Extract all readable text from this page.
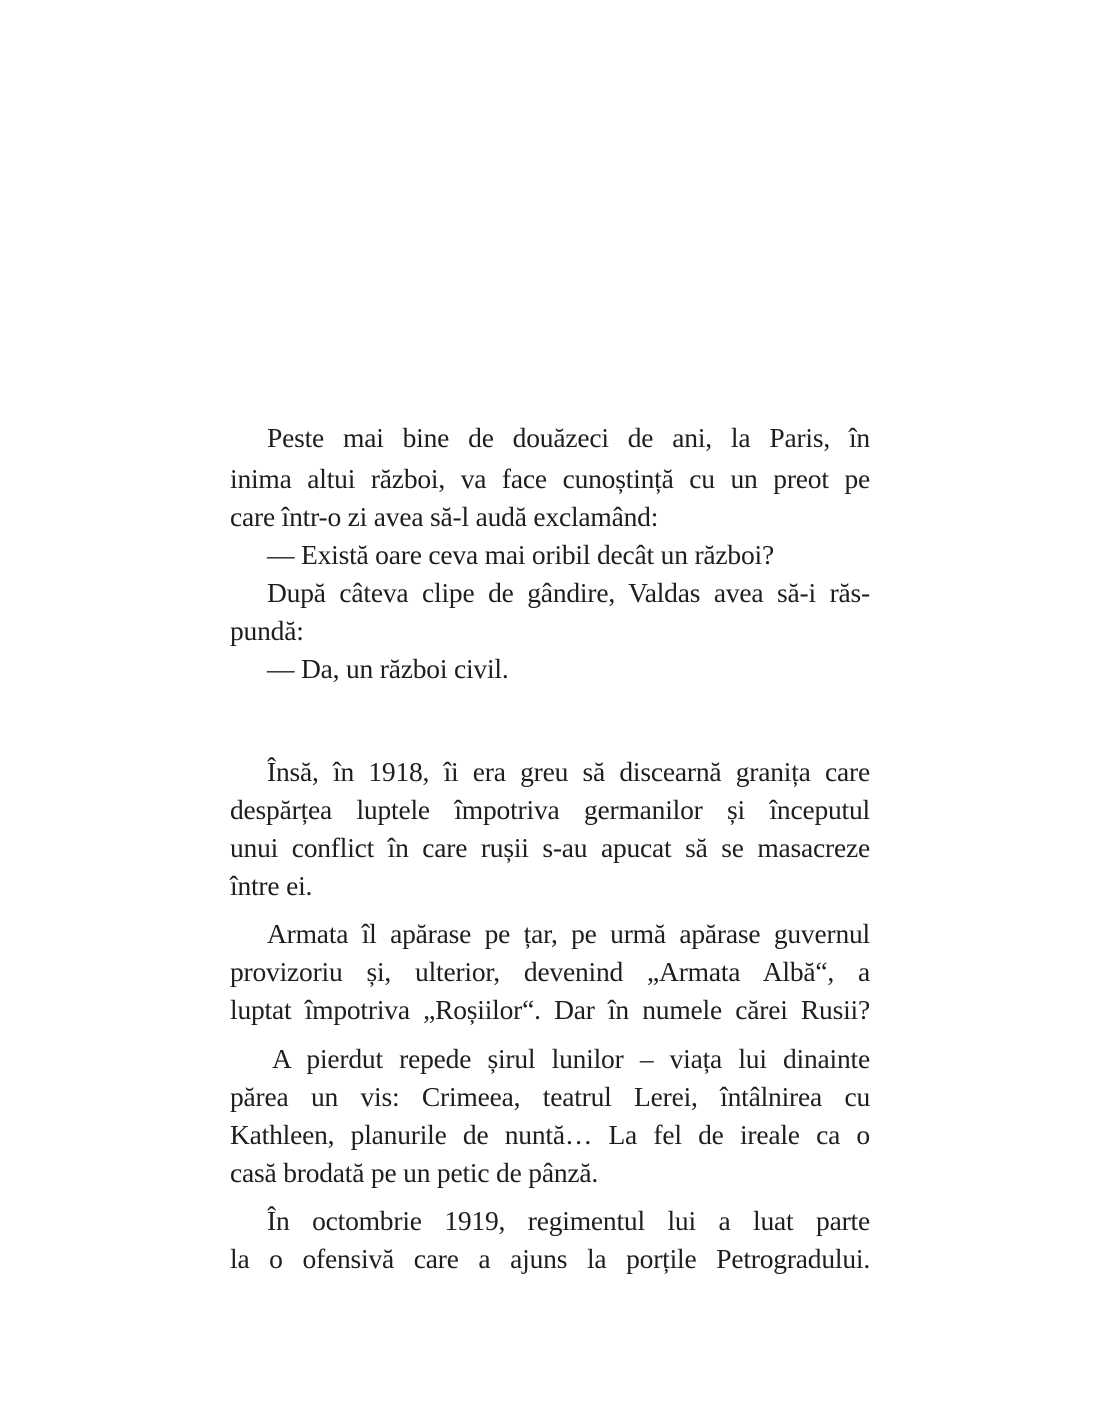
Peste mai bine de douăzeci de ani, la Paris, în
inima altui război, va face cunoștință cu un preot pe
care într-o zi avea să-l audă exclamând:
— Există oare ceva mai oribil decât un război?
După câteva clipe de gândire, Valdas avea să-i răs-
pundă:
— Da, un război civil.
Însă, în 1918, îi era greu să discearnă granița care
despărțea luptele împotriva germanilor și începutul
unui conflict în care rușii s-au apucat să se masacreze
între ei.
Armata îl apărase pe țar, pe urmă apărase guvernul
provizoriu și, ulterior, devenind „Armata Albă“, a
luptat împotriva „Roșiilor“. Dar în numele cărei Rusii?
A pierdut repede șirul lunilor – viața lui dinainte
părea un vis: Crimeea, teatrul Lerei, întâlnirea cu
Kathleen, planurile de nuntă… La fel de ireale ca o
casă brodată pe un petic de pânză.
În octombrie 1919, regimentul lui a luat parte
la o ofensivă care a ajuns la porțile Petrogradului.
